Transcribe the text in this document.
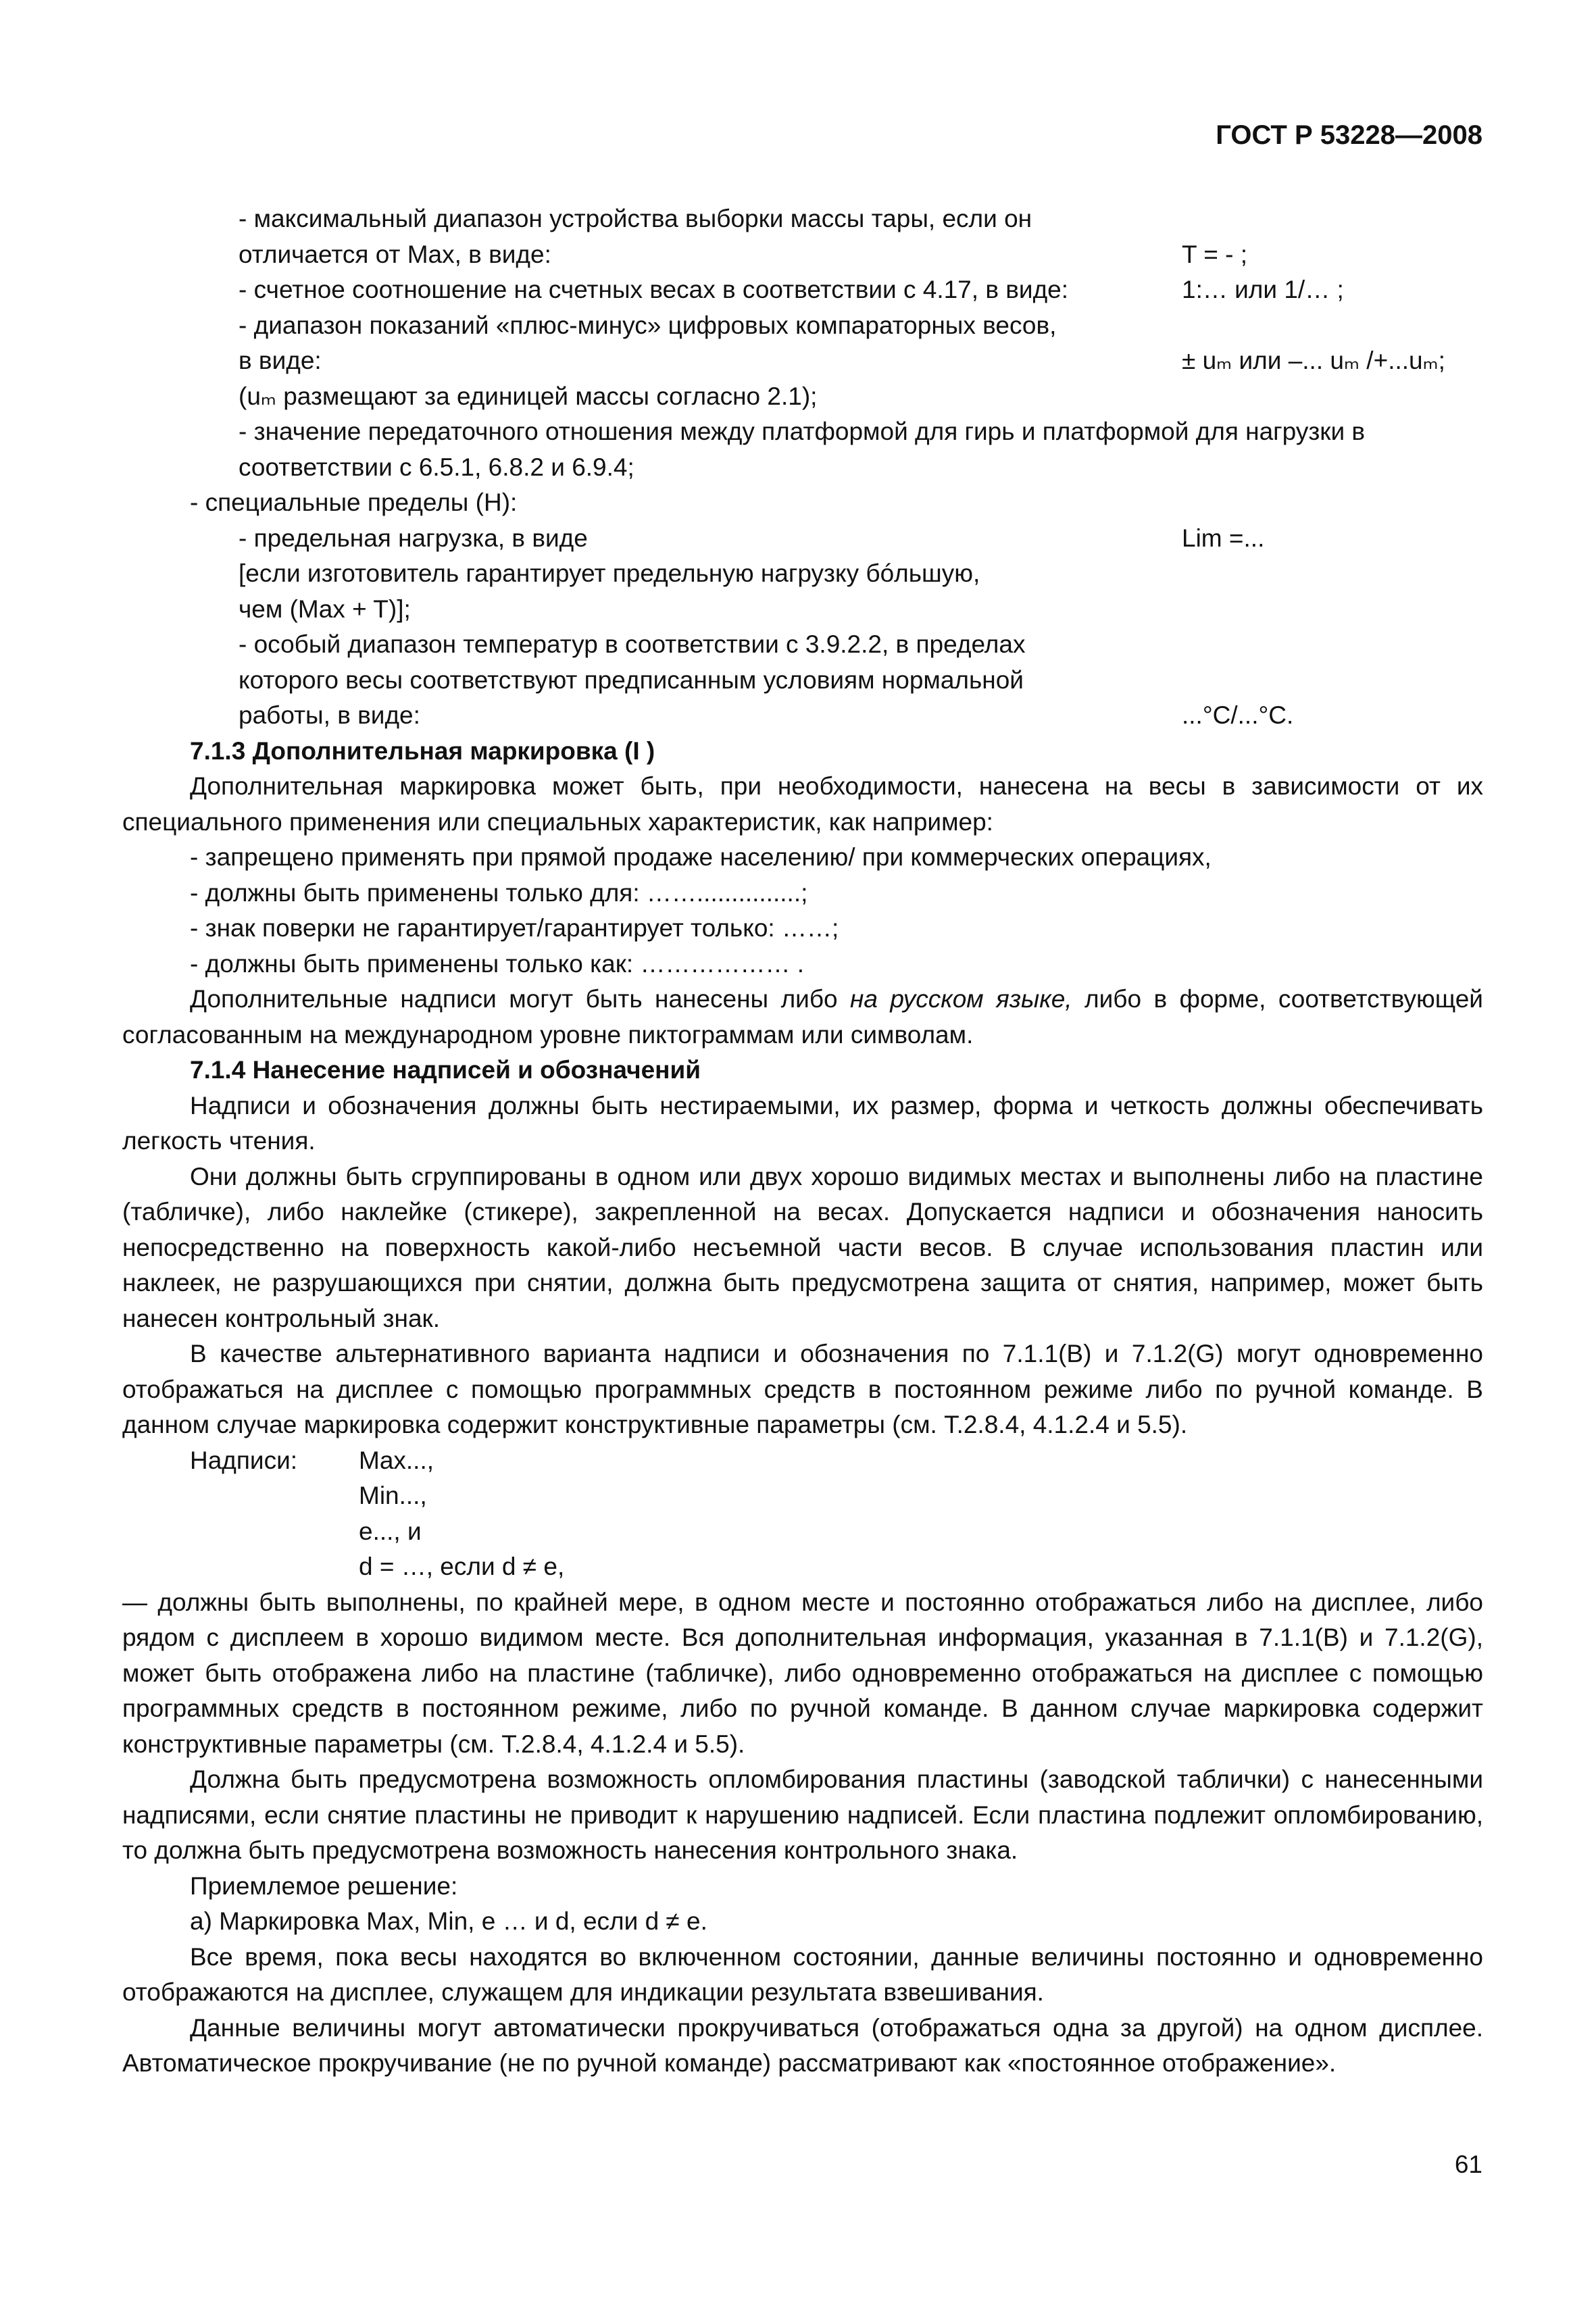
ГОСТ Р 53228—2008
- максимальный диапазон устройства выборки массы тары, если он
отличается от Max, в виде:	T = - ;
- счетное соотношение на счетных весах в соответствии с 4.17, в виде:	1:… или 1/… ;
- диапазон показаний «плюс-минус» цифровых компараторных весов,
в виде:	± uₘ или –... uₘ /+...uₘ;
(uₘ размещают за единицей массы согласно 2.1);
- значение передаточного отношения между платформой для гирь и платформой для нагрузки в
соответствии с 6.5.1, 6.8.2 и 6.9.4;
- специальные пределы (H):
- предельная нагрузка, в виде	Lim =...
[если изготовитель гарантирует предельную нагрузку бóльшую,
чем (Max + T)];
- особый диапазон температур в соответствии с 3.9.2.2, в пределах
которого весы соответствуют предписанным условиям нормальной
работы, в виде:	...°C/...°C.
7.1.3 Дополнительная маркировка (I )

Дополнительная маркировка может быть, при необходимости, нанесена на весы в зависимости от их специального применения или специальных характеристик, как например:

- запрещено применять при прямой продаже населению/ при коммерческих операциях,
- должны быть применены только для: ……...............;
- знак поверки не гарантирует/гарантирует только: ……;
- должны быть применены только как: ……………… .

Дополнительные надписи могут быть нанесены либо на русском языке, либо в форме, соответствующей согласованным на международном уровне пиктограммам или символам.

7.1.4 Нанесение надписей и обозначений

Надписи и обозначения должны быть нестираемыми, их размер, форма и четкость должны обеспечивать легкость чтения.

Они должны быть сгруппированы в одном или двух хорошо видимых местах и выполнены либо на пластине (табличке), либо наклейке (стикере), закрепленной на весах. Допускается надписи и обозначения наносить непосредственно на поверхность какой-либо несъемной части весов. В случае использования пластин или наклеек, не разрушающихся при снятии, должна быть предусмотрена защита от снятия, например, может быть нанесен контрольный знак.

В качестве альтернативного варианта надписи и обозначения по 7.1.1(B) и 7.1.2(G) могут одновременно отображаться на дисплее с помощью программных средств в постоянном режиме либо по ручной команде. В данном случае маркировка содержит конструктивные параметры (см. T.2.8.4, 4.1.2.4 и 5.5).

Надписи: Max...,
Min...,
e..., и
d = …, если d ≠ e,

— должны быть выполнены, по крайней мере, в одном месте и постоянно отображаться либо на дисплее, либо рядом с дисплеем в хорошо видимом месте. Вся дополнительная информация, указанная в 7.1.1(B) и 7.1.2(G), может быть отображена либо на пластине (табличке), либо одновременно отображаться на дисплее с помощью программных средств в постоянном режиме, либо по ручной команде. В данном случае маркировка содержит конструктивные параметры (см. T.2.8.4, 4.1.2.4 и 5.5).

Должна быть предусмотрена возможность опломбирования пластины (заводской таблички) с нанесенными надписями, если снятие пластины не приводит к нарушению надписей. Если пластина подлежит опломбированию, то должна быть предусмотрена возможность нанесения контрольного знака.

Приемлемое решение:

а) Маркировка Max, Min, e … и d, если d ≠ e.

Все время, пока весы находятся во включенном состоянии, данные величины постоянно и одновременно отображаются на дисплее, служащем для индикации результата взвешивания.

Данные величины могут автоматически прокручиваться (отображаться одна за другой) на одном дисплее. Автоматическое прокручивание (не по ручной команде) рассматривают как «постоянное отображение».

61
